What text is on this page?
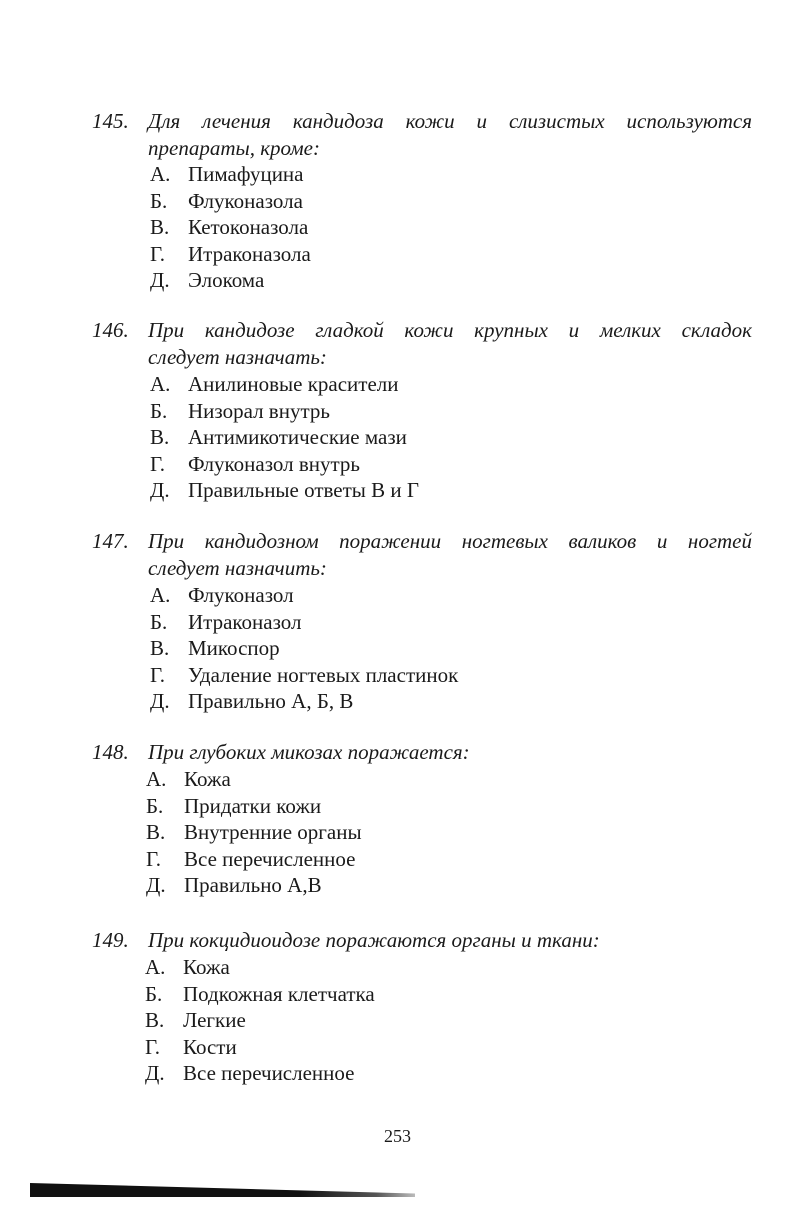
145. Для лечения кандидоза кожи и слизистых используются
препараты, кроме:
А. Пимафуцина
Б. Флуконазола
В. Кетоконазола
Г.	Итраконазола
Д. Элокома
146. При кандидозе гладкой кожи крупных и мелких складок
следует назначать:
А. Анилиновые красители
Б. Низорал внутрь
В. Антимикотические мази
Г.	Флуконазол внутрь
Д. Правильные ответы В и Г
147. При кандидозном поражении ногтевых валиков и ногтей
следует назначить:
А. Флуконазол
Б. Итраконазол
В. Микоспор
Г.	Удаление ногтевых пластинок
Д. Правильно А, Б, В
148. При глубоких микозах поражается:
А. Кожа
Б. Придатки кожи
В. Внутренние органы
Г.	Все перечисленное
Д. Правильно А,В
149. При кокцидиоидозе поражаются органы и ткани:
А. Кожа
Б. Подкожная клетчатка
В. Легкие
Г.	Кости
Д. Все перечисленное
253
